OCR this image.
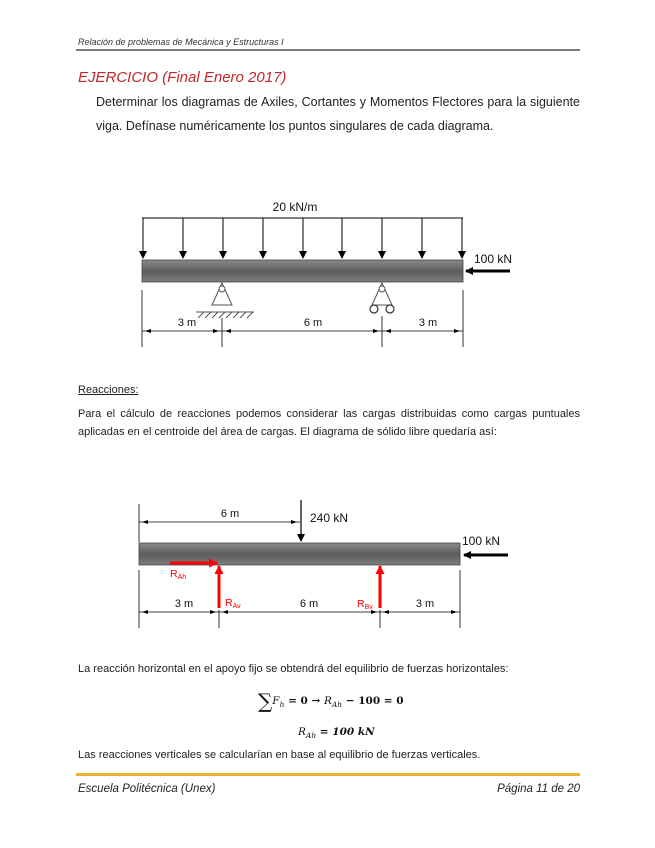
Relación de problemas de Mecánica y Estructuras I
EJERCICIO (Final Enero 2017)
Determinar los diagramas de Axiles, Cortantes y Momentos Flectores para la siguiente viga. Defínase numéricamente los puntos singulares de cada diagrama.
20 kN/m
100 kN
3 m	6 m	3 m
Reacciones:
Para el cálculo de reacciones podemos considerar las cargas distribuidas como cargas puntuales aplicadas en el centroide del área de cargas. El diagrama de sólido libre quedaría así:
6 m	240 kN
100 kN
RAh
RAv	RBv
3 m	6 m	3 m
La reacción horizontal en el apoyo fijo se obtendrá del equilibrio de fuerzas horizontales:
$\sum F_h = 0 \to R_{Ah} - 100 = 0$
$R_{Ah} = 100$ kN
Las reacciones verticales se calcularían en base al equilibrio de fuerzas verticales.
Escuela Politécnica (Unex)	Página 11 de 20
